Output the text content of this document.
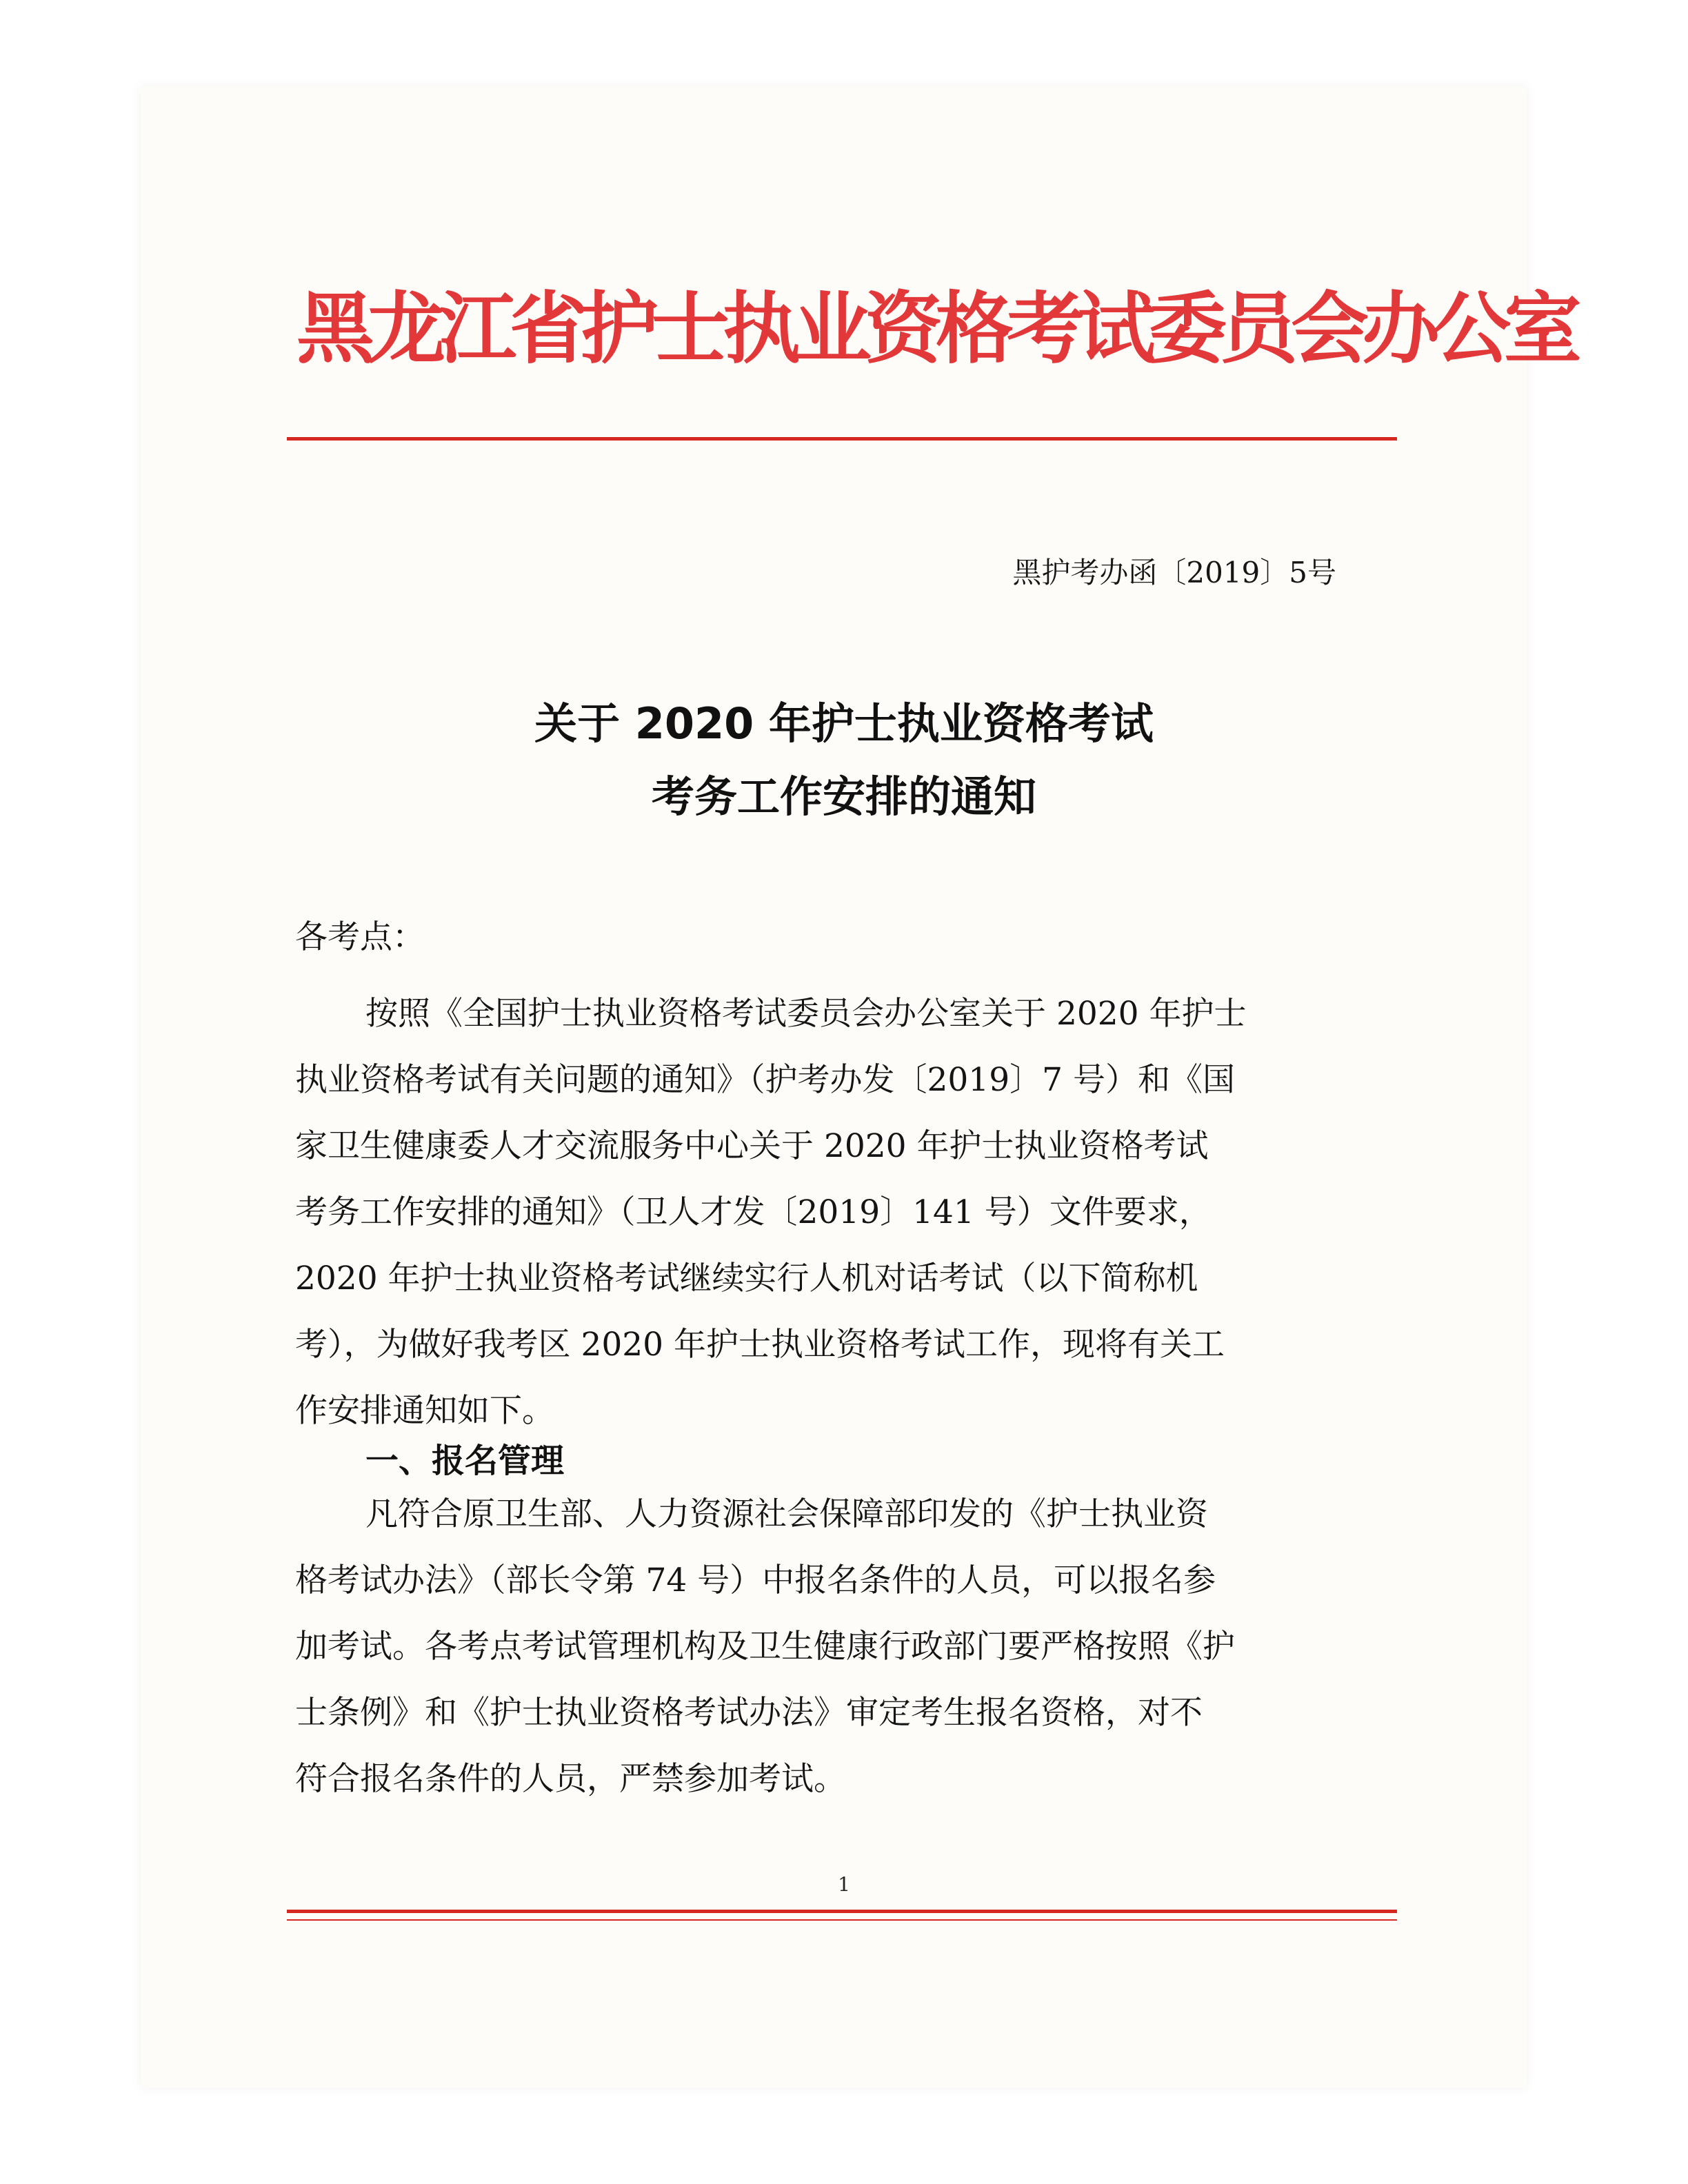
黑龙江省护士执业资格考试委员会办公室
黑护考办函〔2019〕5号
关于 2020 年护士执业资格考试
考务工作安排的通知
各考点：
按照《全国护士执业资格考试委员会办公室关于 2020 年护士
执业资格考试有关问题的通知》（护考办发〔2019〕7 号）和《国
家卫生健康委人才交流服务中心关于 2020 年护士执业资格考试
考务工作安排的通知》（卫人才发〔2019〕141 号）文件要求，
2020 年护士执业资格考试继续实行人机对话考试（以下简称机
考），为做好我考区 2020 年护士执业资格考试工作，现将有关工
作安排通知如下。
一、报名管理
凡符合原卫生部、人力资源社会保障部印发的《护士执业资
格考试办法》（部长令第 74 号）中报名条件的人员，可以报名参
加考试。各考点考试管理机构及卫生健康行政部门要严格按照《护
士条例》和《护士执业资格考试办法》审定考生报名资格，对不
符合报名条件的人员，严禁参加考试。
1
